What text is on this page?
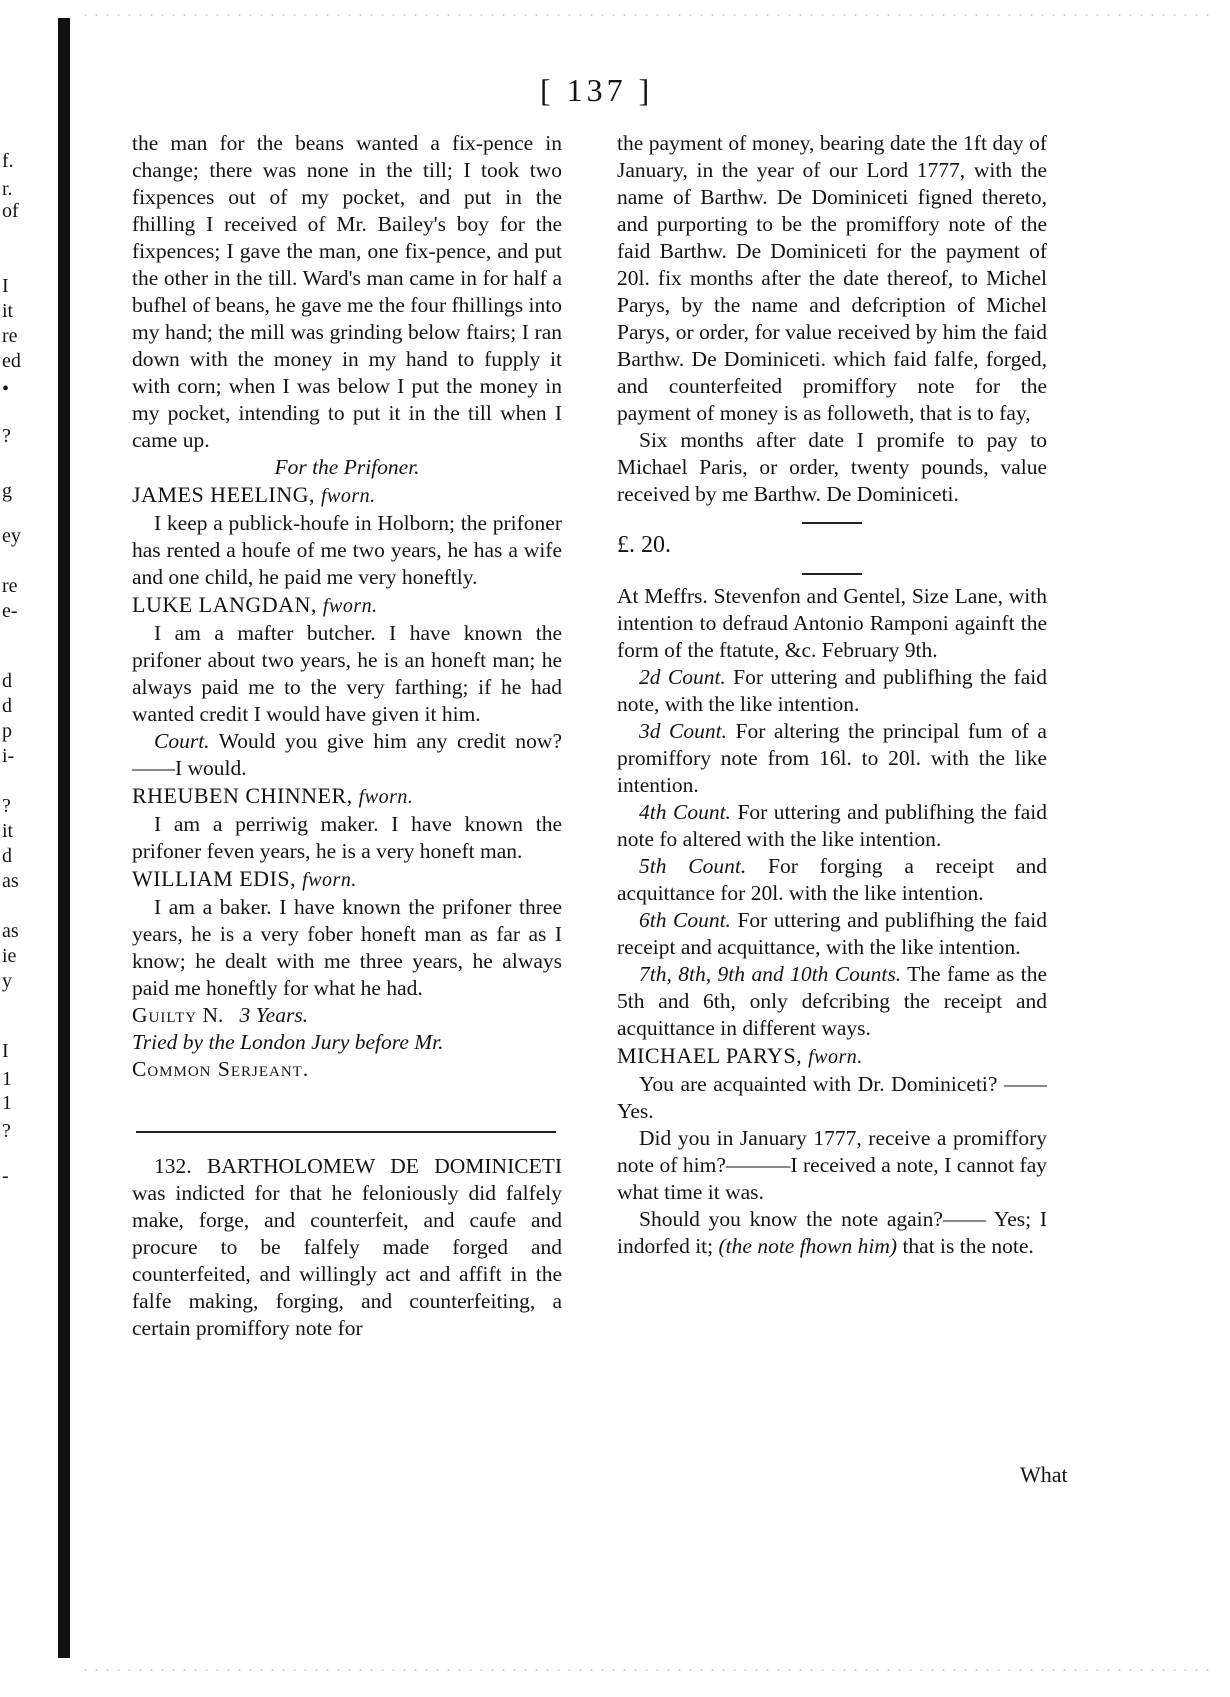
f.
r.
of
I
it
re
ed
•
?
g
ey
re
e-
d
d
p
i-
?
it
d
as
as
ie
y
I
1
1
?
-
[ 137 ]

the man for the beans wanted a fix-pence in change; there was none in the till; I took two fixpences out of my pocket, and put in the fhilling I received of Mr. Bailey's boy for the fixpences; I gave the man, one fix-pence, and put the other in the till. Ward's man came in for half a bufhel of beans, he gave me the four fhillings into my hand; the mill was grinding below ftairs; I ran down with the money in my hand to fupply it with corn; when I was below I put the money in my pocket, intending to put it in the till when I came up.

For the Prifoner.

JAMES HEELING, fworn.

I keep a publick-houfe in Holborn; the prifoner has rented a houfe of me two years, he has a wife and one child, he paid me very honeftly.

LUKE LANGDAN, fworn.

I am a mafter butcher. I have known the prifoner about two years, he is an honeft man; he always paid me to the very farthing; if he had wanted credit I would have given it him.

Court. Would you give him any credit now?——I would.

RHEUBEN CHINNER, fworn.

I am a perriwig maker. I have known the prifoner feven years, he is a very honeft man.

WILLIAM EDIS, fworn.

I am a baker. I have known the prifoner three years, he is a very fober honeft man as far as I know; he dealt with me three years, he always paid me honeftly for what he had.

Guilty N. 3 Years.

Tried by the London Jury before Mr.
Common Serjeant.

132. BARTHOLOMEW DE DOMINICETI was indicted for that he feloniously did falfely make, forge, and counterfeit, and caufe and procure to be falfely made forged and counterfeited, and willingly act and affift in the falfe making, forging, and counterfeiting, a certain promiffory note for

the payment of money, bearing date the 1ft day of January, in the year of our Lord 1777, with the name of Barthw. De Dominiceti figned thereto, and purporting to be the promiffory note of the faid Barthw. De Dominiceti for the payment of 20l. fix months after the date thereof, to Michel Parys, by the name and defcription of Michel Parys, or order, for value received by him the faid Barthw. De Dominiceti. which faid falfe, forged, and counterfeited promiffory note for the payment of money is as followeth, that is to fay,

Six months after date I promife to pay to Michael Paris, or order, twenty pounds, value received by me Barthw. De Dominiceti.

£. 20.

At Meffrs. Stevenfon and Gentel, Size Lane, with intention to defraud Antonio Ramponi againft the form of the ftatute, &c. February 9th.

2d Count. For uttering and publifhing the faid note, with the like intention.

3d Count. For altering the principal fum of a promiffory note from 16l. to 20l. with the like intention.

4th Count. For uttering and publifhing the faid note fo altered with the like intention.

5th Count. For forging a receipt and acquittance for 20l. with the like intention.

6th Count. For uttering and publifhing the faid receipt and acquittance, with the like intention.

7th, 8th, 9th and 10th Counts. The fame as the 5th and 6th, only defcribing the receipt and acquittance in different ways.

MICHAEL PARYS, fworn.

You are acquainted with Dr. Dominiceti? ——Yes.

Did you in January 1777, receive a promiffory note of him?———I received a note, I cannot fay what time it was.

Should you know the note again?—— Yes; I indorfed it; (the note fhown him) that is the note.

What
